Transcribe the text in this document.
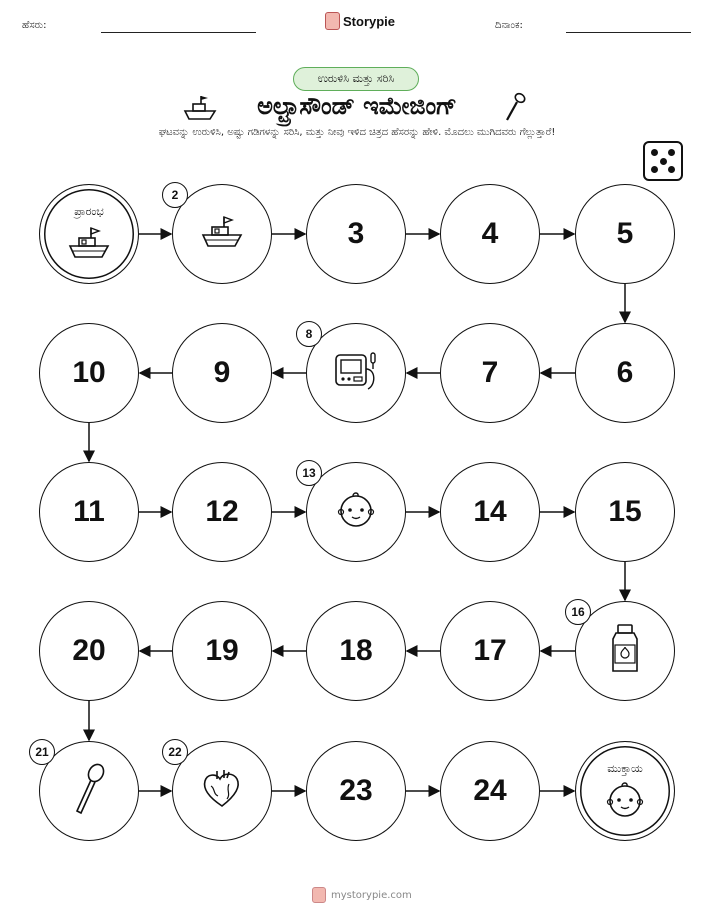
ಹೆಸರು:	Storypie	ದಿನಾಂಕ:
ಉರುಳಿಸಿ ಮತ್ತು ಸರಿಸಿ
ಅಲ್ಟ್ರಾಸೌಂಡ್ ಇಮೇಜಿಂಗ್
ಘಟವನ್ನು ಉರುಳಿಸಿ, ಅಷ್ಟು ಗಡಿಗಳನ್ನು ಸರಿಸಿ, ಮತ್ತು ನೀವು ಇಳಿದ ಚಿತ್ರದ ಹೆಸರನ್ನು ಹೇಳಿ. ಮೊದಲು ಮುಗಿದವರು ಗೆಲ್ಲುತ್ತಾರೆ!
ಪ್ರಾರಂಭ
2
3	4	5
6
7
8
9
10
11	12
13
14	15
16
17
18
19
20
21	22
23	24
ಮುಕ್ತಾಯ
mystorypie.com
